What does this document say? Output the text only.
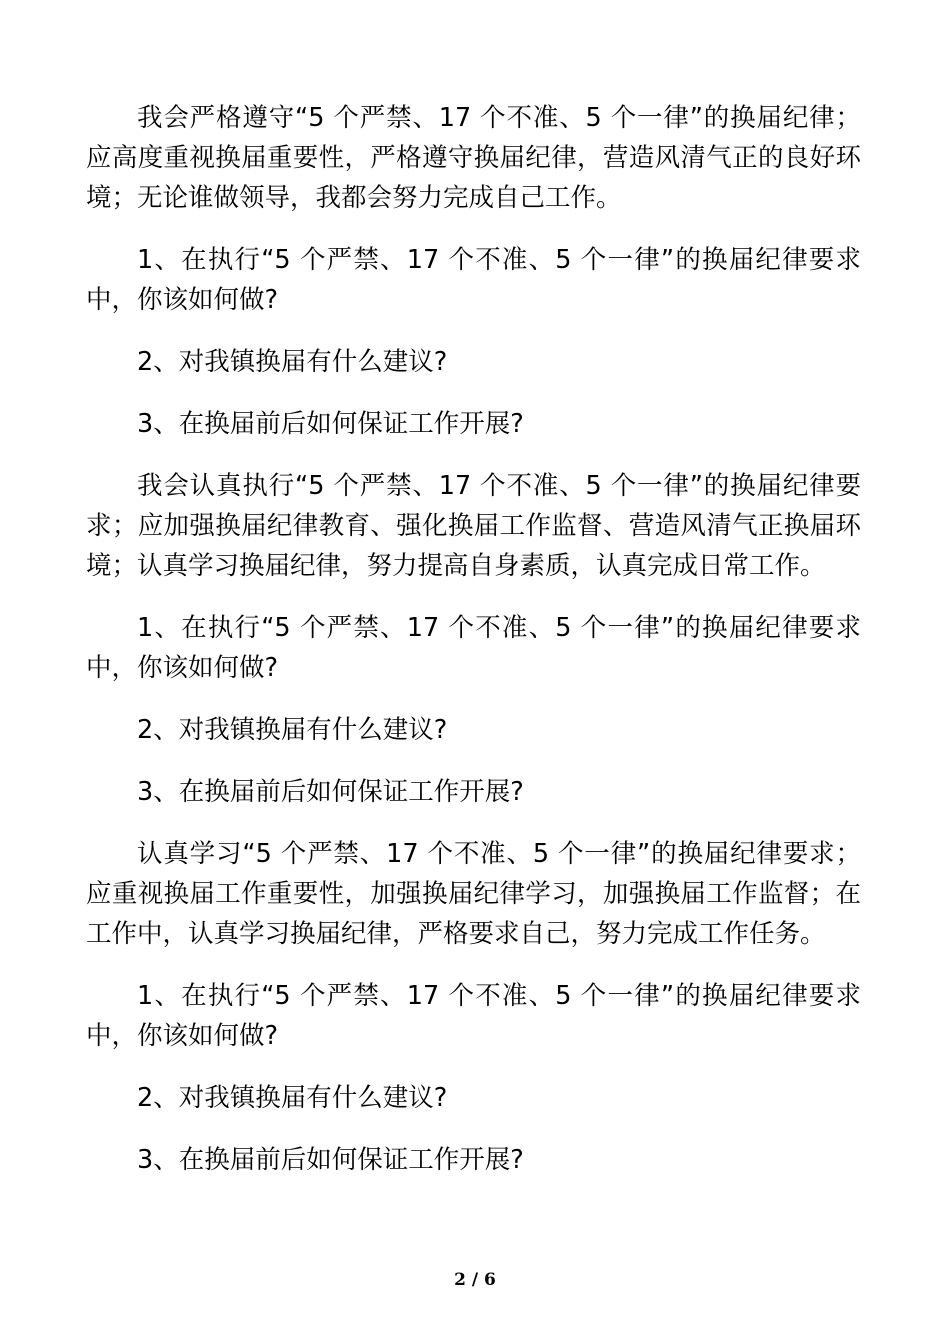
我会严格遵守“5 个严禁、17 个不准、5 个一律”的换届纪律；应高度重视换届重要性，严格遵守换届纪律，营造风清气正的良好环境；无论谁做领导，我都会努力完成自己工作。

1、在执行“5 个严禁、17 个不准、5 个一律”的换届纪律要求中，你该如何做?

2、对我镇换届有什么建议?

3、在换届前后如何保证工作开展?

我会认真执行“5 个严禁、17 个不准、5 个一律”的换届纪律要求；应加强换届纪律教育、强化换届工作监督、营造风清气正换届环境；认真学习换届纪律，努力提高自身素质，认真完成日常工作。

1、在执行“5 个严禁、17 个不准、5 个一律”的换届纪律要求中，你该如何做?

2、对我镇换届有什么建议?

3、在换届前后如何保证工作开展?

认真学习“5 个严禁、17 个不准、5 个一律”的换届纪律要求；应重视换届工作重要性，加强换届纪律学习，加强换届工作监督；在工作中，认真学习换届纪律，严格要求自己，努力完成工作任务。

1、在执行“5 个严禁、17 个不准、5 个一律”的换届纪律要求中，你该如何做?

2、对我镇换届有什么建议?

3、在换届前后如何保证工作开展?

2 / 6
